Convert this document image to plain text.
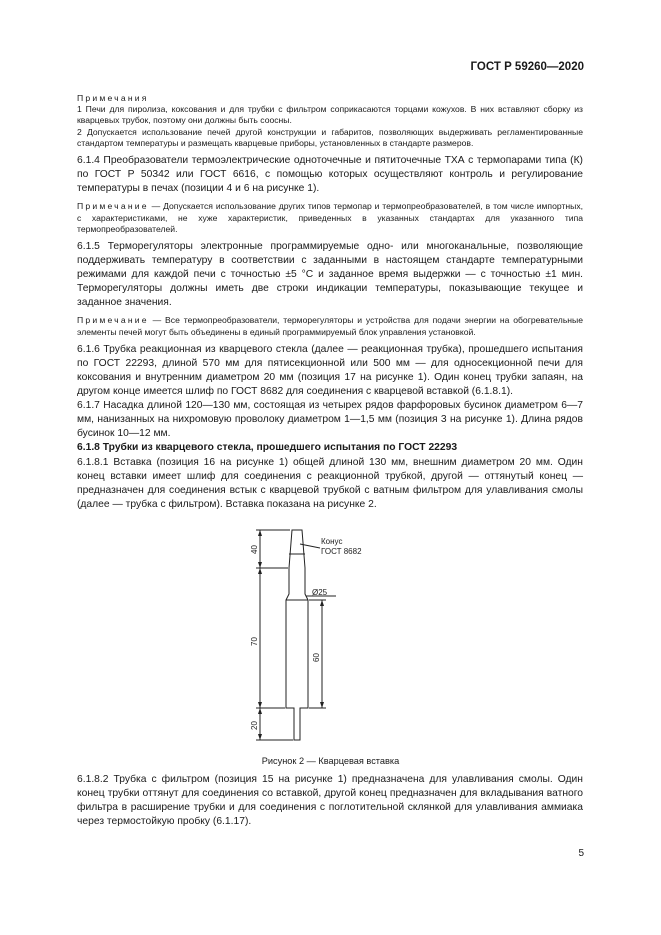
ГОСТ Р 59260—2020

Примечания

1 Печи для пиролиза, коксования и для трубки с фильтром соприкасаются торцами кожухов. В них вставляют сборку из кварцевых трубок, поэтому они должны быть соосны.

2 Допускается использование печей другой конструкции и габаритов, позволяющих выдерживать регламентированные стандартом температуры и размещать кварцевые приборы, установленных в стандарте размеров.

6.1.4 Преобразователи термоэлектрические одноточечные и пятиточечные ТХА с термопарами типа (К) по ГОСТ Р 50342 или ГОСТ 6616, с помощью которых осуществляют контроль и регулирование температуры в печах (позиции 4 и 6 на рисунке 1).

Примечание — Допускается использование других типов термопар и термопреобразователей, в том числе импортных, с характеристиками, не хуже характеристик, приведенных в указанных стандартах для указанного типа термопреобразователей.

6.1.5 Терморегуляторы электронные программируемые одно- или многоканальные, позволяющие поддерживать температуру в соответствии с заданными в настоящем стандарте температурными режимами для каждой печи с точностью ±5 °С и заданное время выдержки — с точностью ±1 мин. Терморегуляторы должны иметь две строки индикации температуры, показывающие текущее и заданное значения.

Примечание — Все термопреобразователи, терморегуляторы и устройства для подачи энергии на обогревательные элементы печей могут быть объединены в единый программируемый блок управления установкой.

6.1.6 Трубка реакционная из кварцевого стекла (далее — реакционная трубка), прошедшего испытания по ГОСТ 22293, длиной 570 мм для пятисекционной или 500 мм — для односекционной печи для коксования и внутренним диаметром 20 мм (позиция 17 на рисунке 1). Один конец трубки запаян, на другом конце имеется шлиф по ГОСТ 8682 для соединения с кварцевой вставкой (6.1.8.1).

6.1.7 Насадка длиной 120—130 мм, состоящая из четырех рядов фарфоровых бусинок диаметром 6—7 мм, нанизанных на нихромовую проволоку диаметром 1—1,5 мм (позиция 3 на рисунке 1). Длина рядов бусинок 10—12 мм.

6.1.8 Трубки из кварцевого стекла, прошедшего испытания по ГОСТ 22293

6.1.8.1 Вставка (позиция 16 на рисунке 1) общей длиной 130 мм, внешним диаметром 20 мм. Один конец вставки имеет шлиф для соединения с реакционной трубкой, другой — оттянутый конец — предназначен для соединения встык с кварцевой трубкой с ватным фильтром для улавливания смолы (далее — трубка с фильтром). Вставка показана на рисунке 2.

Конус
ГОСТ 8682
Ø25
40
70
20
60
Рисунок 2 — Кварцевая вставка

6.1.8.2 Трубка с фильтром (позиция 15 на рисунке 1) предназначена для улавливания смолы. Один конец трубки оттянут для соединения со вставкой, другой конец предназначен для вкладывания ватного фильтра в расширение трубки и для соединения с поглотительной склянкой для улавливания аммиака через термостойкую пробку (6.1.17).

5
